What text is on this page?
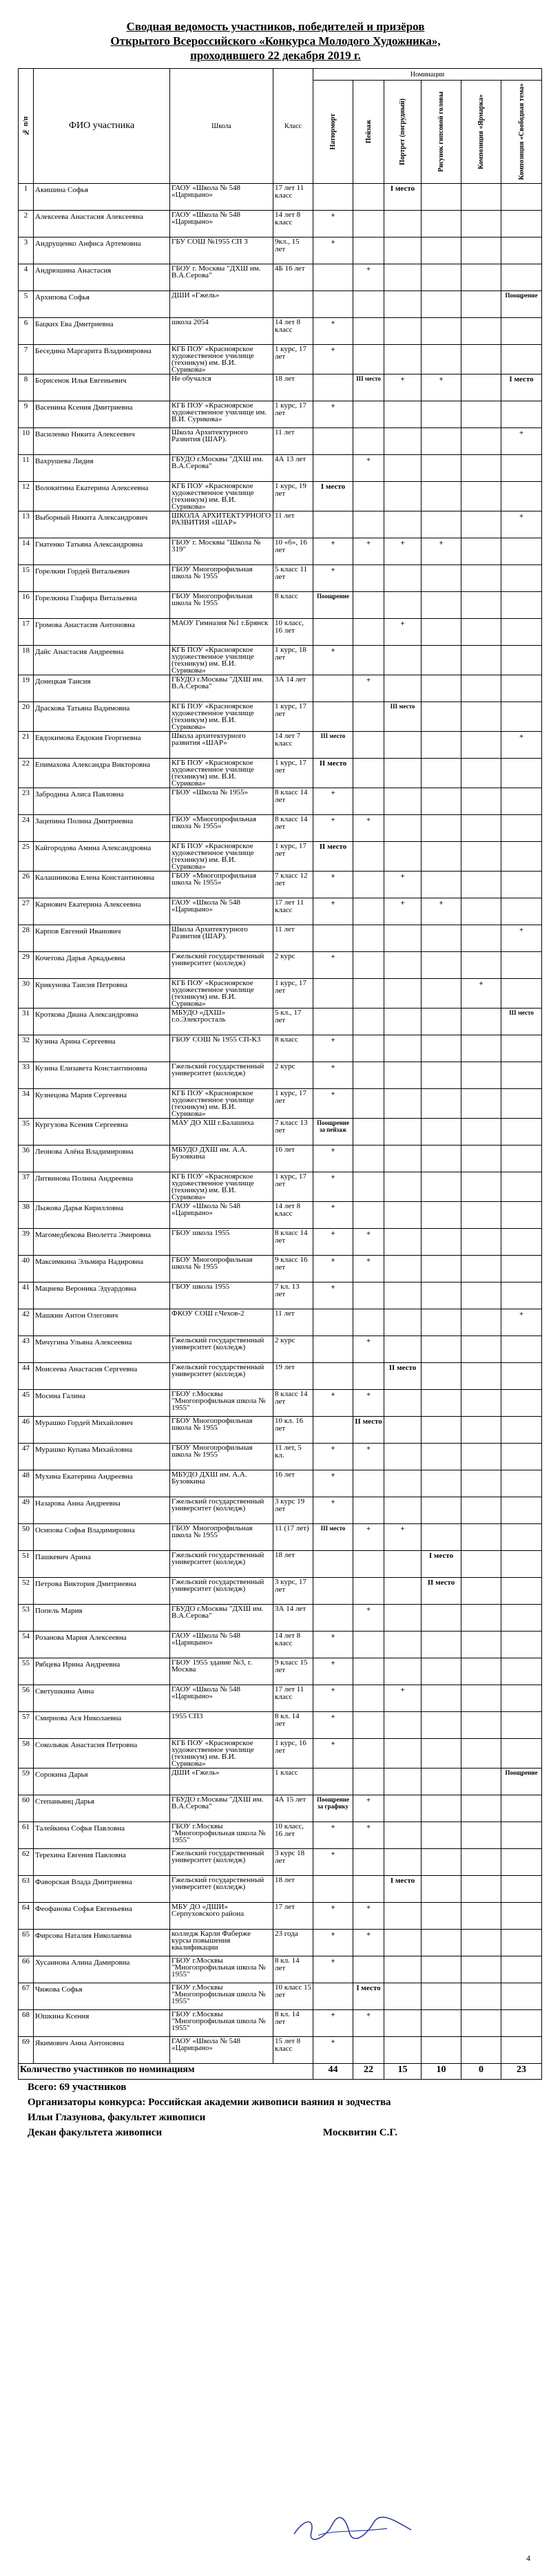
Сводная ведомость участников, победителей и призёров
Открытого Всероссийского «Конкурса Молодого Художника»,
проходившего 22 декабря 2019 г.
№ п/п	ФИО участника	Школа	Класс	Номинации					

				Натюрморт	Пейзаж	Портрет (погрудный)	Рисунок гипсовой головы	Композиция «Ярмарка»	Композиция «Свободная тема»

1	Акишина Софья	ГАОУ «Школа № 548 «Царицыно»	17 лет 11 класс			I место			
2	Алексеева Анастасия Алексеевна	ГАОУ «Школа № 548 «Царицыно»	14 лет 8 класс	+					
3	Андрущенко Анфиса Артемовна	ГБУ СОШ №1955 СП 3	9кл., 15 лет	+					
4	Андрюшина Анастасия	ГБОУ г. Москвы "ДХШ им. В.А.Серова"	4Б 16 лет		+				
5	Архипова Софья	ДШИ «Гжель»							Поощрение
6	Бацких Ева Дмитриевна	школа 2054	14 лет 8 класс	+					
7	Беседина Маргарита Владимировна	КГБ ПОУ «Красноярское художественное училище (техникум) им. В.И. Сурикова»	1 курс, 17 лет	+					
8	Борисенок Илья Евгеньевич	Не обучался	18 лет		III место	+	+		I место
9	Васенина Ксения Дмитриевна	КГБ ПОУ «Красноярское художественное училище им. В.И. Сурикова»	1 курс, 17 лет	+					
10	Василенко Никита Алексеевич	Школа Архитектурного Развития (ШАР).	11 лет						+
11	Вахрушева Лидия	ГБУДО г.Москвы "ДХШ им. В.А.Серова"	4А 13 лет		+				
12	Волокитина Екатерина Алексеевна	КГБ ПОУ «Красноярское художественное училище (техникум) им. В.И. Сурикова»	1 курс, 19 лет	I место					
13	Выборный Никита Александрович	ШКОЛА АРХИТЕКТУРНОГО РАЗВИТИЯ «ШАР»	11 лет						+
14	Гнатенко Татьяна Александровна	ГБОУ г. Москвы "Школа № 319"	10 «б», 16 лет	+	+	+	+		
15	Горелкин Гордей Витальевич	ГБОУ Многопрофильная школа № 1955	5 класс 11 лет	+					
16	Горелкина Глафира Витальевна	ГБОУ Многопрофильная школа № 1955	8 класс	Поощрение					
17	Громова Анастасия Антоновна	МАОУ Гимназия №1 г.Брянск	10 класс, 16 лет			+			
18	Дайс Анастасия Андреевна	КГБ ПОУ «Красноярское художественное училище (техникум) им. В.И. Сурикова»	1 курс, 18 лет	+					
19	Донецкая Таисия	ГБУДО г.Москвы "ДХШ им. В.А.Серова"	3А 14 лет		+				
20	Драскова Татьяна Вадимовна	КГБ ПОУ «Красноярское художественное училище (техникум) им. В.И. Сурикова»	1 курс, 17 лет			III место			
21	Евдокимова Евдокия Георгиевна	Школа архитектурного развития «ШАР»	14 лет 7 класс	III место					+
22	Епимахова Александра Викторовна	КГБ ПОУ «Красноярское художественное училище (техникум) им. В.И. Сурикова»	1 курс, 17 лет	II место					
23	Забродина Алиса Павловна	ГБОУ «Школа № 1955»	8 класс 14 лет	+					
24	Зацепина Полина Дмитриевна	ГБОУ «Многопрофильная школа № 1955»	8 класс 14 лет	+	+				
25	Кайгородова Амина Александровна	КГБ ПОУ «Красноярское художественное училище (техникум) им. В.И. Сурикова»	1 курс, 17 лет	II место					
26	Калашникова Елена Константиновна	ГБОУ «Многопрофильная школа № 1955»	7 класс 12 лет	+		+			
27	Карнович Екатерина Алексеевна	ГАОУ «Школа № 548 «Царицыно»	17 лет 11 класс	+		+	+		
28	Карпов Евгений Иванович	Школа Архитектурного Развития (ШАР).	11 лет						+
29	Кочетова Дарья Аркадьевна	Гжельский государственный университет (колледж)	2 курс	+					
30	Крикунова Таисия Петровна	КГБ ПОУ «Красноярское художественное училище (техникум) им. В.И. Сурикова»	1 курс, 17 лет					+	
31	Кроткова Диана Александровна	МБУДО «ДХШ» г.о.Электросталь	5 кл., 17 лет						III место
32	Кузина Арина Сергеевна	ГБОУ СОШ № 1955 СП-К3	8 класс	+					
33	Кузина Елизавета Константиновна	Гжельский государственный университет (колледж)	2 курс	+					
34	Кузнецова Мария Сергеевна	КГБ ПОУ «Красноярское художественное училище (техникум) им. В.И. Сурикова»	1 курс, 17 лет	+					
35	Кургузова Ксения Сергеевна	МАУ ДО ХШ г.Балашиха	7 класс 13 лет	Поощрение за пейзаж					
36	Леонова Алёна Владимировна	МБУДО ДХШ им. А.А. Бузовкина	16 лет	+					
37	Литвинова Полина Андреевна	КГБ ПОУ «Красноярское художественное училище (техникум) им. В.И. Сурикова»	1 курс, 17 лет	+					
38	Лыжова Дарья Кирилловна	ГАОУ «Школа № 548 «Царицыно»	14 лет 8 класс	+					
39	Магомедбекова Виолетта Эмировна	ГБОУ школа 1955	8 класс 14 лет	+	+				
40	Максимкина Эльмира Надировна	ГБОУ Многопрофильная школа № 1955	9 класс 16 лет	+	+				
41	Мацнева Вероника Эдуардовна	ГБОУ школа 1955	7 кл. 13 лет	+					
42	Машкин Антон Олегович	ФКОУ СОШ г.Чехов-2	11 лет						+
43	Мичугина Ульяна Алексеевна	Гжельский государственный университет (колледж)	2 курс		+				
44	Моисеева Анастасия Сергеевна	Гжельский государственный университет (колледж)	19 лет			II место			
45	Мосина Галина	ГБОУ г.Москвы "Многопрофильная школа № 1955"	8 класс 14 лет	+	+				
46	Мурашко Гордей Михайлович	ГБОУ Многопрофильная школа № 1955	10 кл. 16 лет		II место				
47	Мурашко Купава Михайловна	ГБОУ Многопрофильная школа № 1955	11 лет, 5 кл.	+	+				
48	Мухина Екатерина Андреевна	МБУДО ДХШ им. А.А. Бузовкина	16 лет	+					
49	Назарова Анна Андреевна	Гжельский государственный университет (колледж)	3 курс 19 лет	+					
50	Осипова Софья Владимировна	ГБОУ Многопрофильная школа № 1955	11 (17 лет)	III место	+	+			
51	Пашкевич Арина	Гжельский государственный университет (колледж)	18 лет				I место		
52	Петрова Виктория Дмитриевна	Гжельский государственный университет (колледж)	3 курс, 17 лет				II место		
53	Попель Мария	ГБУДО г.Москвы "ДХШ им. В.А.Серова"	3А 14 лет		+				
54	Розанова Мария Алексеевна	ГАОУ «Школа № 548 «Царицыно»	14 лет 8 класс	+					
55	Рябцева Ирина Андреевна	ГБОУ 1955 здание №3, г. Москва	9 класс 15 лет	+					
56	Светушкина Анна	ГАОУ «Школа № 548 «Царицыно»	17 лет 11 класс	+		+			
57	Смирнова Ася Николаевна	1955 СП3	8 кл. 14 лет	+					
58	Сокольвак Анастасия Петровна	КГБ ПОУ «Красноярское художественное училище (техникум) им. В.И. Сурикова»	1 курс, 16 лет	+					
59	Сорокина Дарья	ДШИ «Гжель»	1 класс						Поощрение
60	Степаньянц Дарья	ГБУДО г.Москвы "ДХШ им. В.А.Серова"	4А 15 лет	Поощрение за графику	+				
61	Талейкина Софья Павловна	ГБОУ г.Москвы "Многопрофильная школа № 1955"	10 класс, 16 лет	+	+				
62	Терехина Евгения Павловна	Гжельский государственный университет (колледж)	3 курс 18 лет	+					
63	Фаворская Влада Дмитриевна	Гжельский государственный университет (колледж)	18 лет			I место			
64	Феофанова Софья Евгеньевна	МБУ ДО «ДШИ» Серпуховского района	17 лет	+	+				
65	Фирсова Наталия Николаевна	колледж Карли Фаберже курсы повышения квалификации	23 года	+	+				
66	Хусаинова Алина Дамировна	ГБОУ г.Москвы "Многопрофильная школа № 1955"	8 кл. 14 лет	+					
67	Чижова Софья	ГБОУ г.Москвы "Многопрофильная школа № 1955"	10 класс 15 лет		I место				
68	Юшкина Ксения	ГБОУ г.Москвы "Многопрофильная школа № 1955"	8 кл. 14 лет	+	+				
69	Якимович Анна Антоновна	ГАОУ «Школа № 548 «Царицыно»	15 лет 8 класс	+					
Количество участников по номинациям				44	22	15	10	0	23
Всего: 69 участников
Организаторы конкурса: Российская академии живописи ваяния и зодчества
Ильи Глазунова, факультет живописи
Декан факультета живописи	Москвитин С.Г.
4
